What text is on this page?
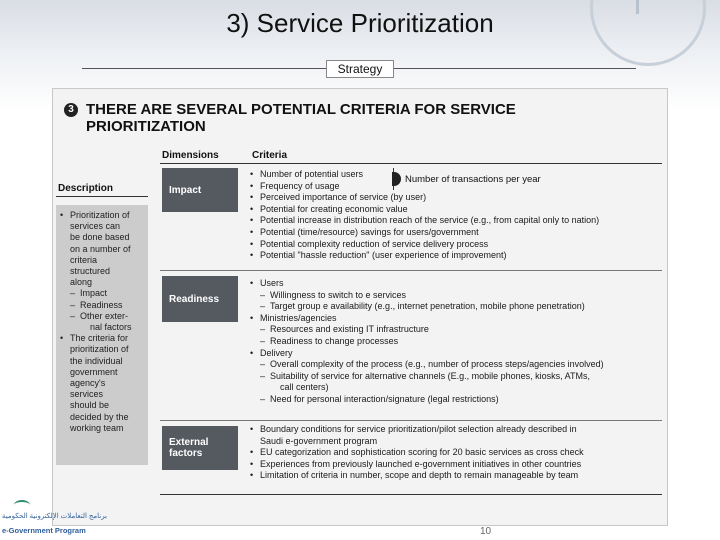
3) Service Prioritization
Strategy
3 THERE ARE SEVERAL POTENTIAL CRITERIA FOR SERVICE
PRIORITIZATION
Description
• Prioritization of
services can
be done based
on a number of
criteria
structured
along
– Impact
– Readiness
– Other exter-
nal factors
• The criteria for
prioritization of
the individual
government
agency's
services
should be
decided by the
working team
Dimensions	Criteria
Impact
Readiness
External
factors
• Number of potential users
• Frequency of usage
• Perceived importance of service (by user)
• Potential for creating economic value
• Potential increase in distribution reach of the service (e.g., from capital only to nation)
• Potential (time/resource) savings for users/government
• Potential complexity reduction of service delivery process
• Potential "hassle reduction" (user experience of improvement)
• Users
– Willingness to switch to e services
– Target group e availability (e.g., internet penetration, mobile phone penetration)
• Ministries/agencies
– Resources and existing IT infrastructure
– Readiness to change processes
• Delivery
– Overall complexity of the process (e.g., number of process steps/agencies involved)
– Suitability of service for alternative channels (E.g., mobile phones, kiosks, ATMs,
call centers)
– Need for personal interaction/signature (legal restrictions)
• Boundary conditions for service prioritization/pilot selection already described in
Saudi e-government program
• EU categorization and sophistication scoring for 20 basic services as cross check
• Experiences from previously launched e-government initiatives in other countries
• Limitation of criteria in number, scope and depth to remain manageable by team
Number of transactions per year
برنامج التعاملات الإلكترونية الحكومية
e-Government Program	10
